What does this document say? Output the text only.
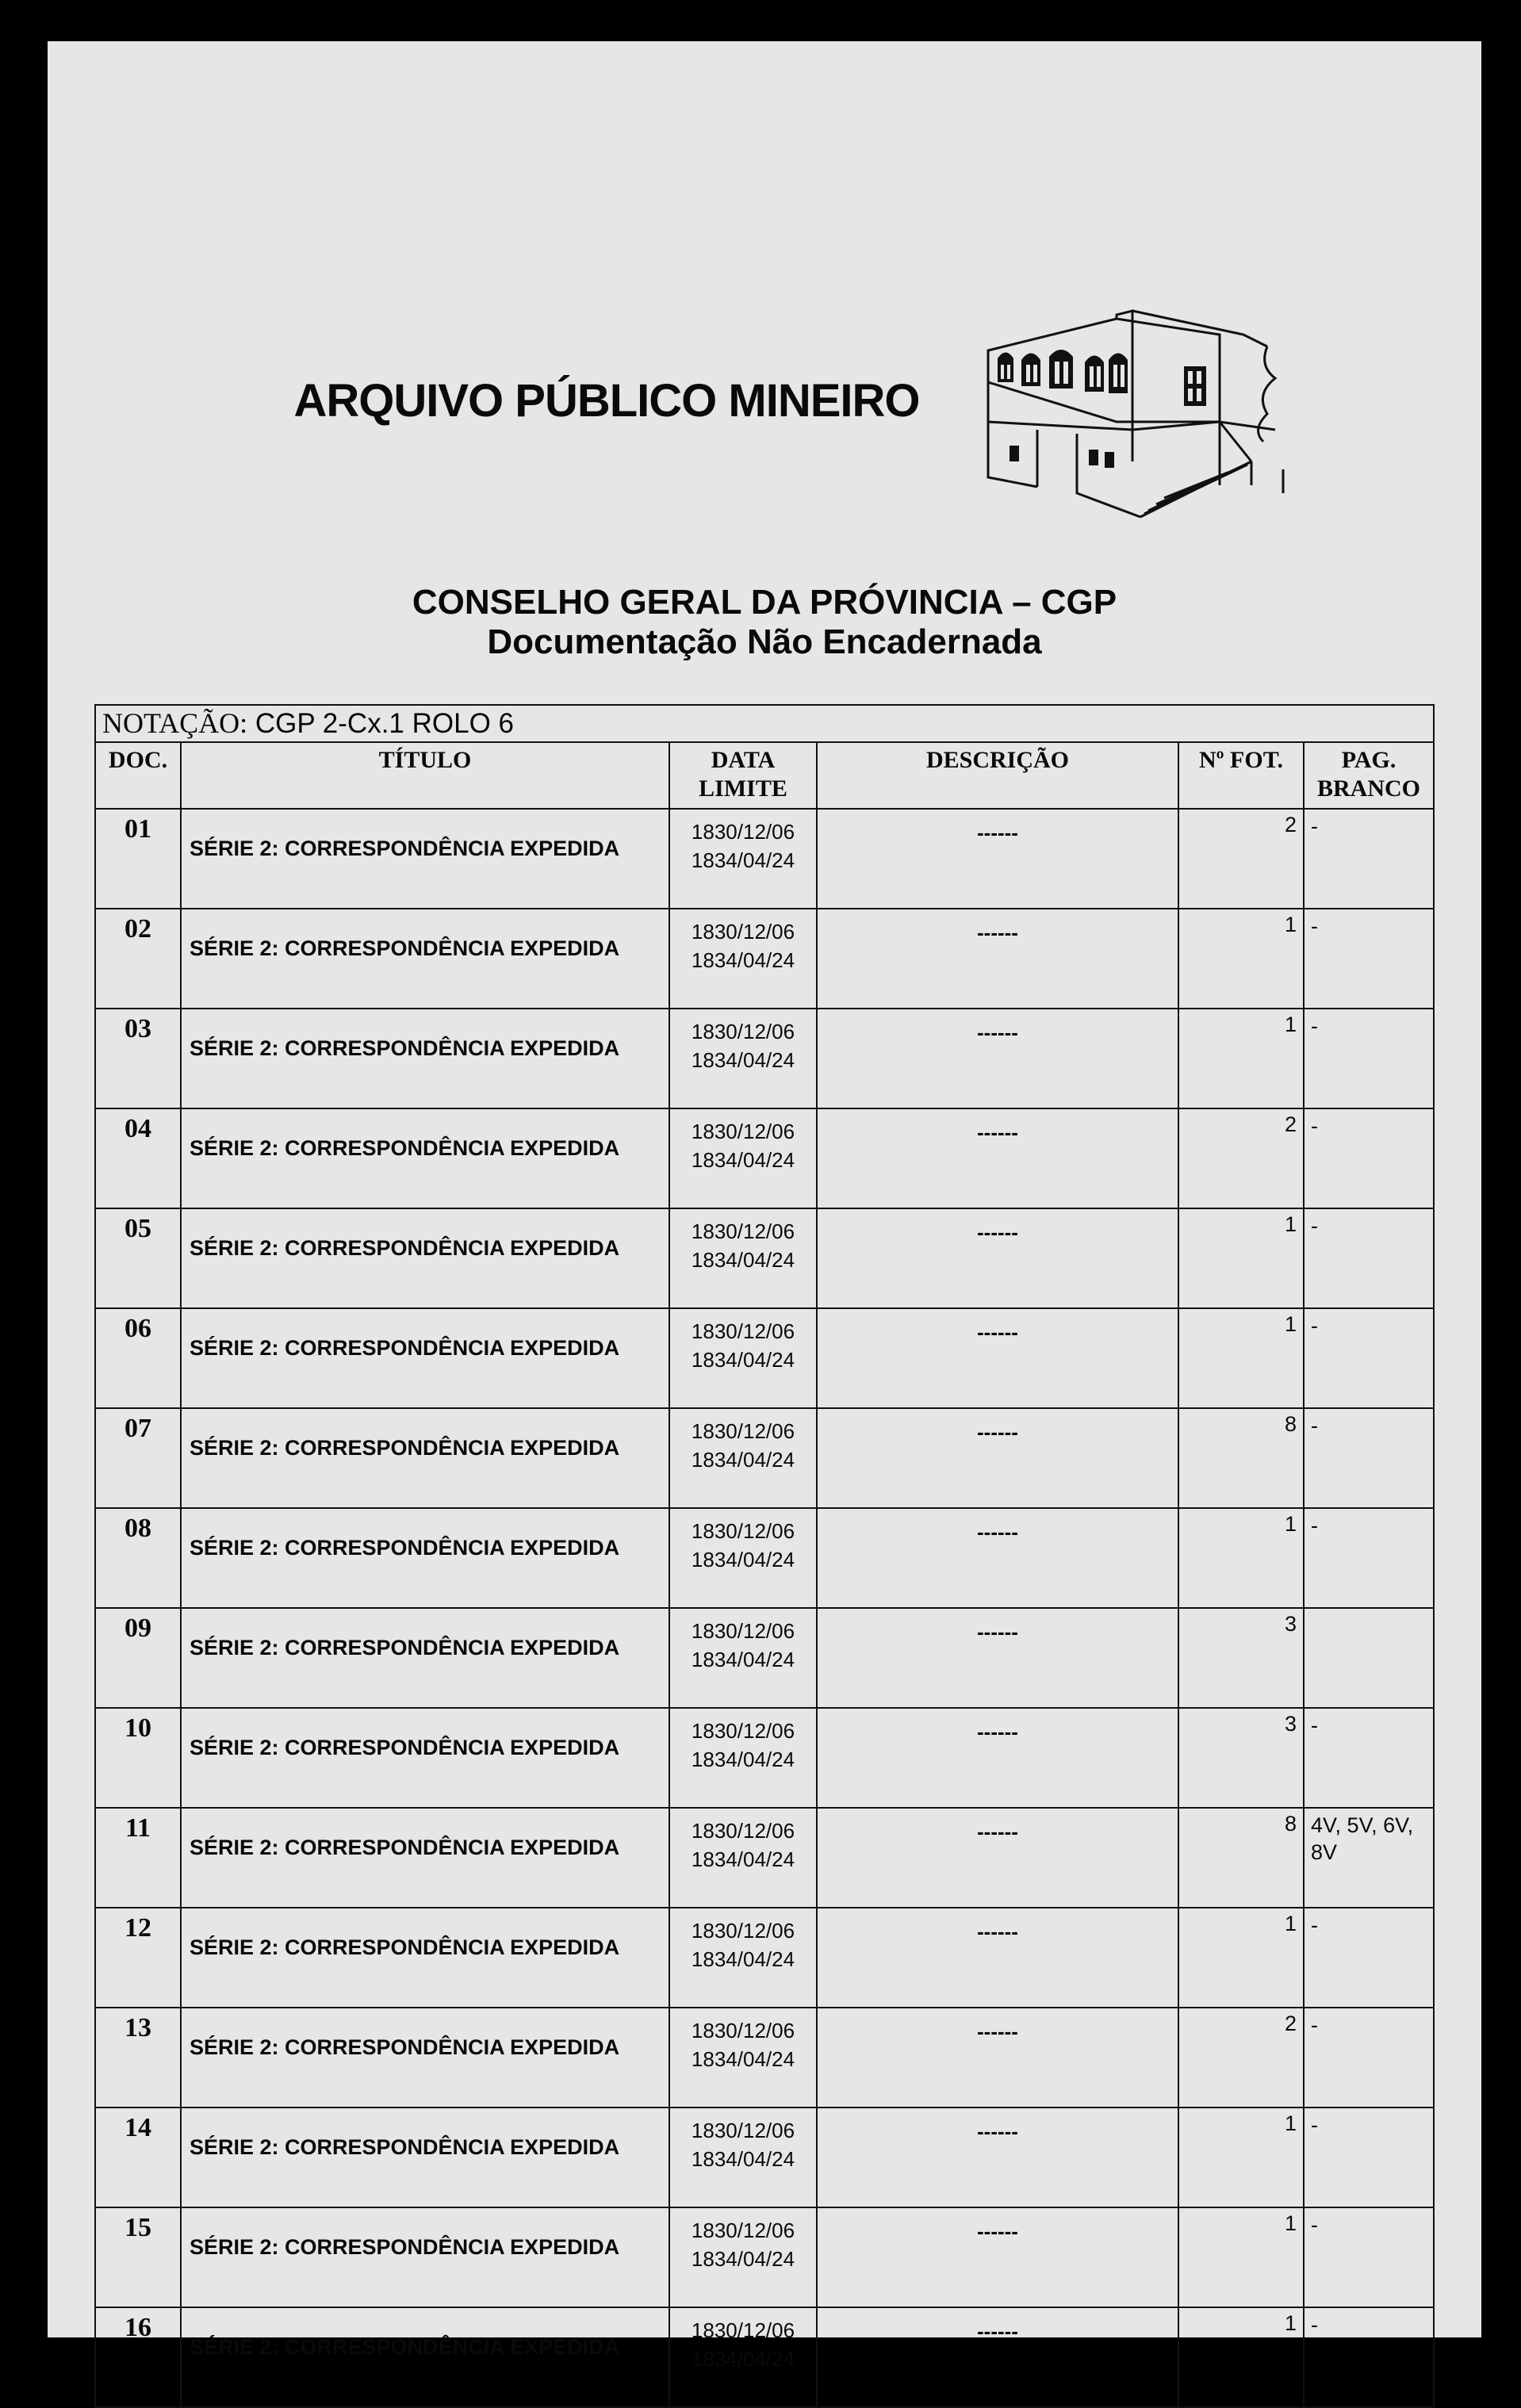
ARQUIVO PÚBLICO MINEIRO
CONSELHO GERAL DA PRÓVINCIA – CGP
Documentação Não Encadernada
NOTAÇÃO: CGP 2-Cx.1 ROLO 6					
DOC.	TÍTULO	DATA
LIMITE	DESCRIÇÃO	Nº FOT.	PAG.
BRANCO
01	SÉRIE 2: CORRESPONDÊNCIA EXPEDIDA	1830/12/06
1834/04/24	------	2	-
02	SÉRIE 2: CORRESPONDÊNCIA EXPEDIDA	1830/12/06
1834/04/24	------	1	-
03	SÉRIE 2: CORRESPONDÊNCIA EXPEDIDA	1830/12/06
1834/04/24	------	1	-
04	SÉRIE 2: CORRESPONDÊNCIA EXPEDIDA	1830/12/06
1834/04/24	------	2	-
05	SÉRIE 2: CORRESPONDÊNCIA EXPEDIDA	1830/12/06
1834/04/24	------	1	-
06	SÉRIE 2: CORRESPONDÊNCIA EXPEDIDA	1830/12/06
1834/04/24	------	1	-
07	SÉRIE 2: CORRESPONDÊNCIA EXPEDIDA	1830/12/06
1834/04/24	------	8	-
08	SÉRIE 2: CORRESPONDÊNCIA EXPEDIDA	1830/12/06
1834/04/24	------	1	-
09	SÉRIE 2: CORRESPONDÊNCIA EXPEDIDA	1830/12/06
1834/04/24	------	3	
10	SÉRIE 2: CORRESPONDÊNCIA EXPEDIDA	1830/12/06
1834/04/24	------	3	-
11	SÉRIE 2: CORRESPONDÊNCIA EXPEDIDA	1830/12/06
1834/04/24	------	8	4V, 5V, 6V, 8V
12	SÉRIE 2: CORRESPONDÊNCIA EXPEDIDA	1830/12/06
1834/04/24	------	1	-
13	SÉRIE 2: CORRESPONDÊNCIA EXPEDIDA	1830/12/06
1834/04/24	------	2	-
14	SÉRIE 2: CORRESPONDÊNCIA EXPEDIDA	1830/12/06
1834/04/24	------	1	-
15	SÉRIE 2: CORRESPONDÊNCIA EXPEDIDA	1830/12/06
1834/04/24	------	1	-
16	SÉRIE 2: CORRESPONDÊNCIA EXPEDIDA	1830/12/06
1834/04/24	------	1	-
